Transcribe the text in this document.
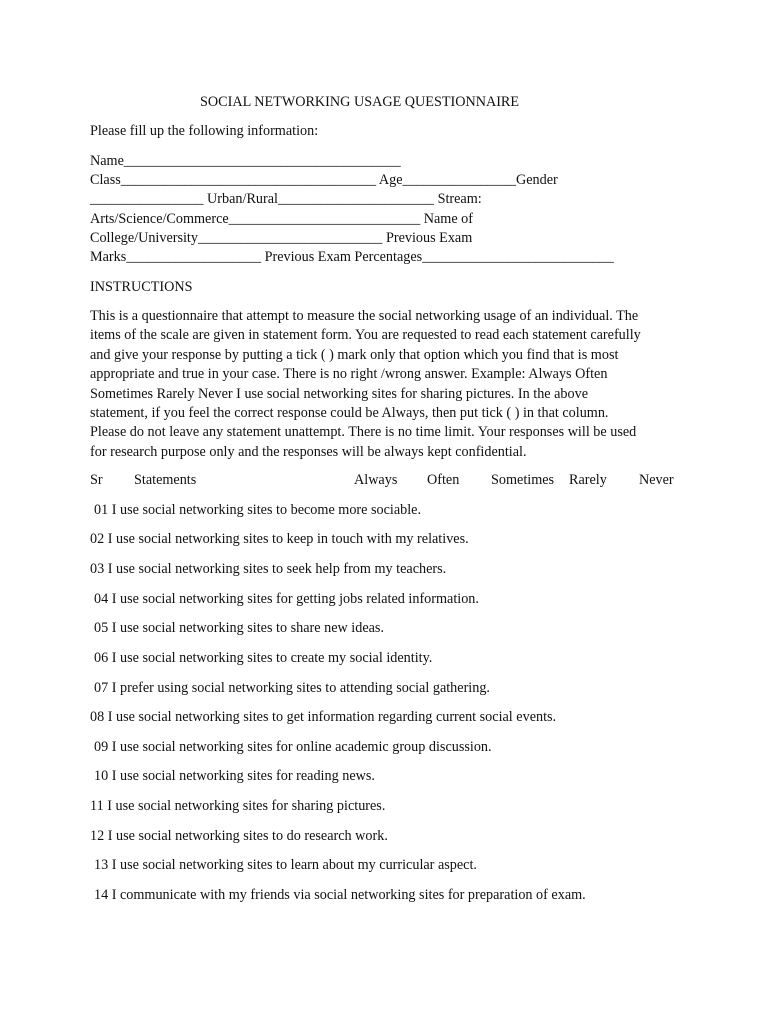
SOCIAL NETWORKING USAGE QUESTIONNAIRE
Please fill up the following information:
Name_______________________________________
Class____________________________________ Age________________Gender
________________ Urban/Rural______________________ Stream:
Arts/Science/Commerce___________________________ Name of
College/University__________________________ Previous Exam
Marks___________________ Previous Exam Percentages___________________________
INSTRUCTIONS
This is a questionnaire that attempt to measure the social networking usage of an individual. The
items of the scale are given in statement form. You are requested to read each statement carefully
and give your response by putting a tick ( ) mark only that option which you find that is most
appropriate and true in your case. There is no right /wrong answer. Example: Always Often
Sometimes Rarely Never I use social networking sites for sharing pictures. In the above
statement, if you feel the correct response could be Always, then put tick ( ) in that column.
Please do not leave any statement unattempt. There is no time limit. Your responses will be used
for research purpose only and the responses will be always kept confidential.
Sr Statements	Always Often Sometimes Rarely Never
01 I use social networking sites to become more sociable.
02 I use social networking sites to keep in touch with my relatives.
03 I use social networking sites to seek help from my teachers.
04 I use social networking sites for getting jobs related information.
05 I use social networking sites to share new ideas.
06 I use social networking sites to create my social identity.
07 I prefer using social networking sites to attending social gathering.
08 I use social networking sites to get information regarding current social events.
09 I use social networking sites for online academic group discussion.
10 I use social networking sites for reading news.
11 I use social networking sites for sharing pictures.
12 I use social networking sites to do research work.
13 I use social networking sites to learn about my curricular aspect.
14 I communicate with my friends via social networking sites for preparation of exam.
